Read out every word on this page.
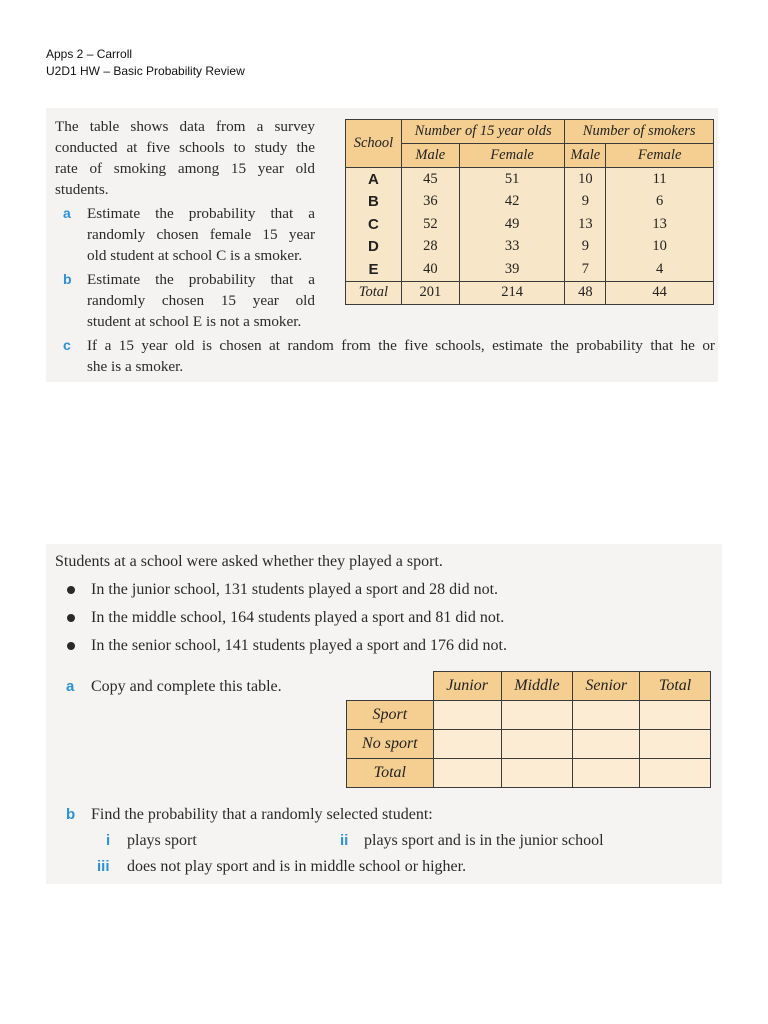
Apps 2 – Carroll
U2D1 HW – Basic Probability Review
The table shows data from a survey
conducted at five schools to study the
rate of smoking among 15 year old
students.
a Estimate the probability that a
randomly chosen female 15 year
old student at school C is a smoker.
b Estimate the probability that a
randomly chosen 15 year old
student at school E is not a smoker.
c If a 15 year old is chosen at random from the five schools, estimate the probability that he or
she is a smoker.
School	Number of 15 year olds		Number of smokers	
	Male	Female	Male	Female
A	45	51	10	11
B	36	42	9	6
C	52	49	13	13
D	28	33	9	10
E	40	39	7	4
Total	201	214	48	44
Students at a school were asked whether they played a sport.
In the junior school, 131 students played a sport and 28 did not.
In the middle school, 164 students played a sport and 81 did not.
In the senior school, 141 students played a sport and 176 did not.
a Copy and complete this table.
		Junior	Middle	Senior	Total
Sport				
No sport				
Total				
b Find the probability that a randomly selected student:
i plays sport	ii plays sport and is in the junior school
iii does not play sport and is in middle school or higher.
